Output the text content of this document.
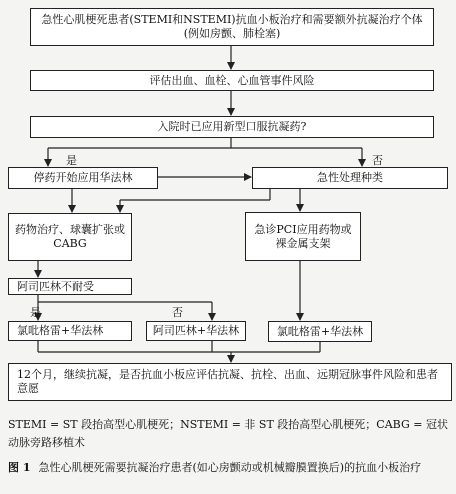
急性心肌梗死患者(STEMI和NSTEMI)抗血小板治疗和需要额外抗凝治疗个体(例如房颤、肺栓塞)
评估出血、血栓、心血管事件风险
入院时已应用新型口服抗凝药?
是	否
停药开始应用华法林	急性处理种类
药物治疗、球囊扩张或CABG
急诊PCI应用药物或裸金属支架
阿司匹林不耐受
是	否
氯吡格雷+华法林	阿司匹林+华法林	氯吡格雷+华法林
12个月，继续抗凝，是否抗血小板应评估抗凝、抗栓、出血、远期冠脉事件风险和患者意愿
STEMI = ST 段抬高型心肌梗死；NSTEMI = 非 ST 段抬高型心肌梗死；CABG = 冠状动脉旁路移植术
图 1 急性心肌梗死需要抗凝治疗患者(如心房颤动或机械瓣膜置换后)的抗血小板治疗
